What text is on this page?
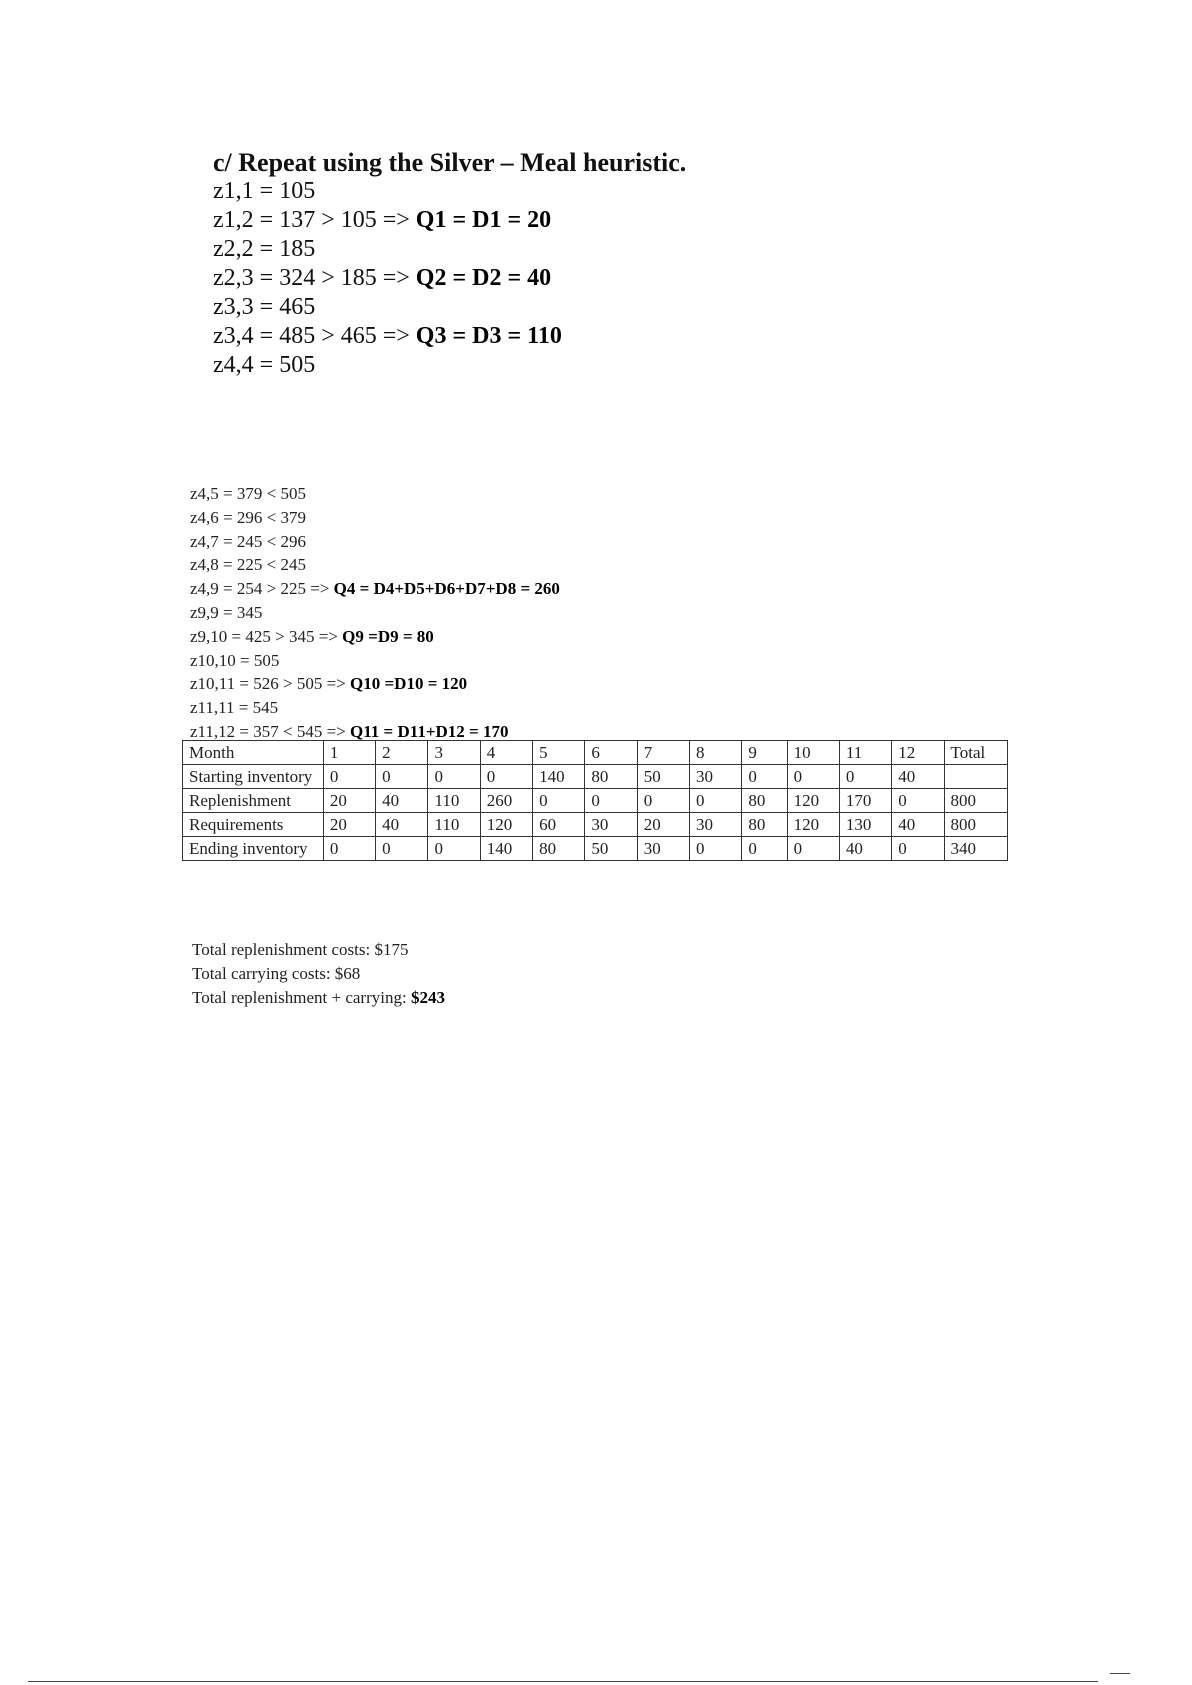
c/ Repeat using the Silver – Meal heuristic.
z1,1 = 105
z1,2 = 137 > 105 => Q1 = D1 = 20
z2,2 = 185
z2,3 = 324 > 185 => Q2 = D2 = 40
z3,3 = 465
z3,4 = 485 > 465 => Q3 = D3 = 110
z4,4 = 505
z4,5 = 379 < 505
z4,6 = 296 < 379
z4,7 = 245 < 296
z4,8 = 225 < 245
z4,9 = 254 > 225 => Q4 = D4+D5+D6+D7+D8 = 260
z9,9 = 345
z9,10 = 425 > 345 => Q9 =D9 = 80
z10,10 = 505
z10,11 = 526 > 505 => Q10 =D10 = 120
z11,11 = 545
z11,12 = 357 < 545 => Q11 = D11+D12 = 170
Month	1	2	3	4	5	6	7	8	9	10	11	12	Total
Starting inventory	0	0	0	0	140	80	50	30	0	0	0	40	
Replenishment	20	40	110	260	0	0	0	0	80	120	170	0	800
Requirements	20	40	110	120	60	30	20	30	80	120	130	40	800
Ending inventory	0	0	0	140	80	50	30	0	0	0	40	0	340
Total replenishment costs: $175
Total carrying costs: $68
Total replenishment + carrying: $243
